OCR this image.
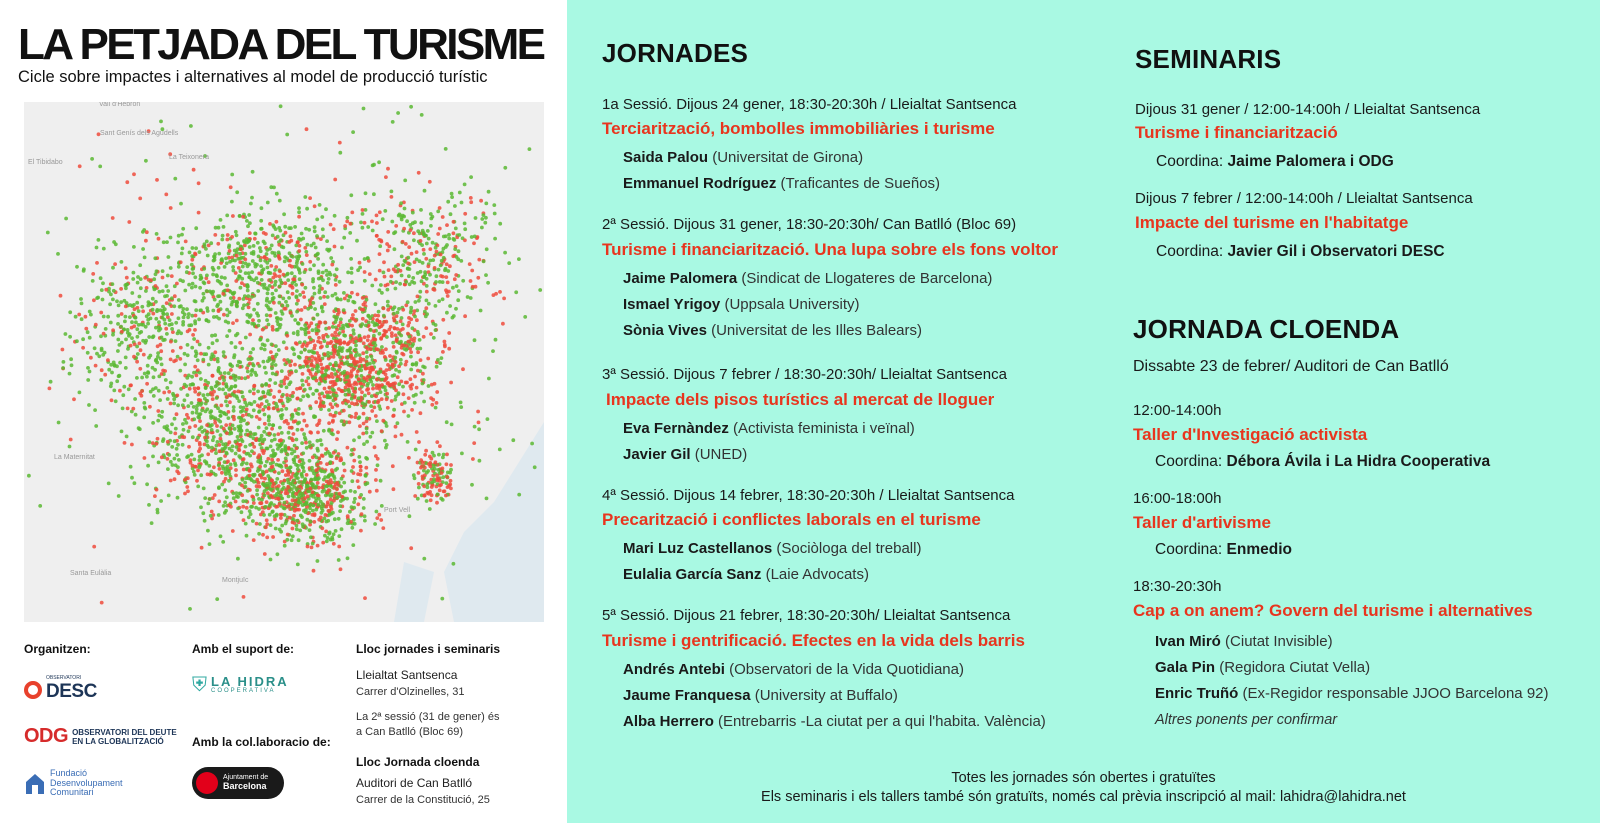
LA PETJADA DEL TURISME
Cicle sobre impactes i alternatives al model de producció turístic
Vall d'Hebron
Sant Genís dels Agudells
El Tibidabo
La Teixonera
La Maternitat
Port Vell
Montjuïc
Santa Eulàlia
Organitzen:
OBSERVATORI
DESC
ODG OBSERVATORI DEL DEUTE
EN LA GLOBALITZACIÓ
Fundació
Desenvolupament
Comunitari
Amb el suport de:
⛨ LA HIDRA
COOPERATIVA
Amb la col.laboracio de:
Ajuntament de
Barcelona
Lloc jornades i seminaris
Lleialtat Santsenca
Carrer d'Olzinelles, 31
La 2ª sessió (31 de gener) és
a Can Batlló (Bloc 69)
Lloc Jornada cloenda
Auditori de Can Batlló
Carrer de la Constitució, 25
JORNADES
1a Sessió. Dijous 24 gener, 18:30-20:30h / Lleialtat Santsenca
Terciarització, bombolles immobiliàries i turisme
Saida Palou (Universitat de Girona)
Emmanuel Rodríguez (Traficantes de Sueños)
2ª Sessió. Dijous 31 gener, 18:30-20:30h/ Can Batlló (Bloc 69)
Turisme i financiarització. Una lupa sobre els fons voltor
Jaime Palomera (Sindicat de Llogateres de Barcelona)
Ismael Yrigoy (Uppsala University)
Sònia Vives (Universitat de les Illes Balears)
3ª Sessió. Dijous 7 febrer / 18:30-20:30h/ Lleialtat Santsenca
Impacte dels pisos turístics al mercat de lloguer
Eva Fernàndez (Activista feminista i veïnal)
Javier Gil (UNED)
4ª Sessió. Dijous 14 febrer, 18:30-20:30h / Lleialtat Santsenca
Precarització i conflictes laborals en el turisme
Mari Luz Castellanos (Sociòloga del treball)
Eulalia García Sanz (Laie Advocats)
5ª Sessió. Dijous 21 febrer, 18:30-20:30h/ Lleialtat Santsenca
Turisme i gentrificació. Efectes en la vida dels barris
Andrés Antebi (Observatori de la Vida Quotidiana)
Jaume Franquesa (University at Buffalo)
Alba Herrero (Entrebarris -La ciutat per a qui l'habita. València)
SEMINARIS
Dijous 31 gener / 12:00-14:00h / Lleialtat Santsenca
Turisme i financiarització
Coordina: Jaime Palomera i ODG
Dijous 7 febrer / 12:00-14:00h / Lleialtat Santsenca
Impacte del turisme en l'habitatge
Coordina: Javier Gil i Observatori DESC
JORNADA CLOENDA
Dissabte 23 de febrer/ Auditori de Can Batlló
12:00-14:00h
Taller d'Investigació activista
Coordina: Débora Ávila i La Hidra Cooperativa
16:00-18:00h
Taller d'artivisme
Coordina: Enmedio
18:30-20:30h
Cap a on anem? Govern del turisme i alternatives
Ivan Miró (Ciutat Invisible)
Gala Pin (Regidora Ciutat Vella)
Enric Truñó (Ex-Regidor responsable JJOO Barcelona 92)
Altres ponents per confirmar
Totes les jornades són obertes i gratuïtes
Els seminaris i els tallers també són gratuïts, només cal prèvia inscripció al mail: lahidra@lahidra.net
